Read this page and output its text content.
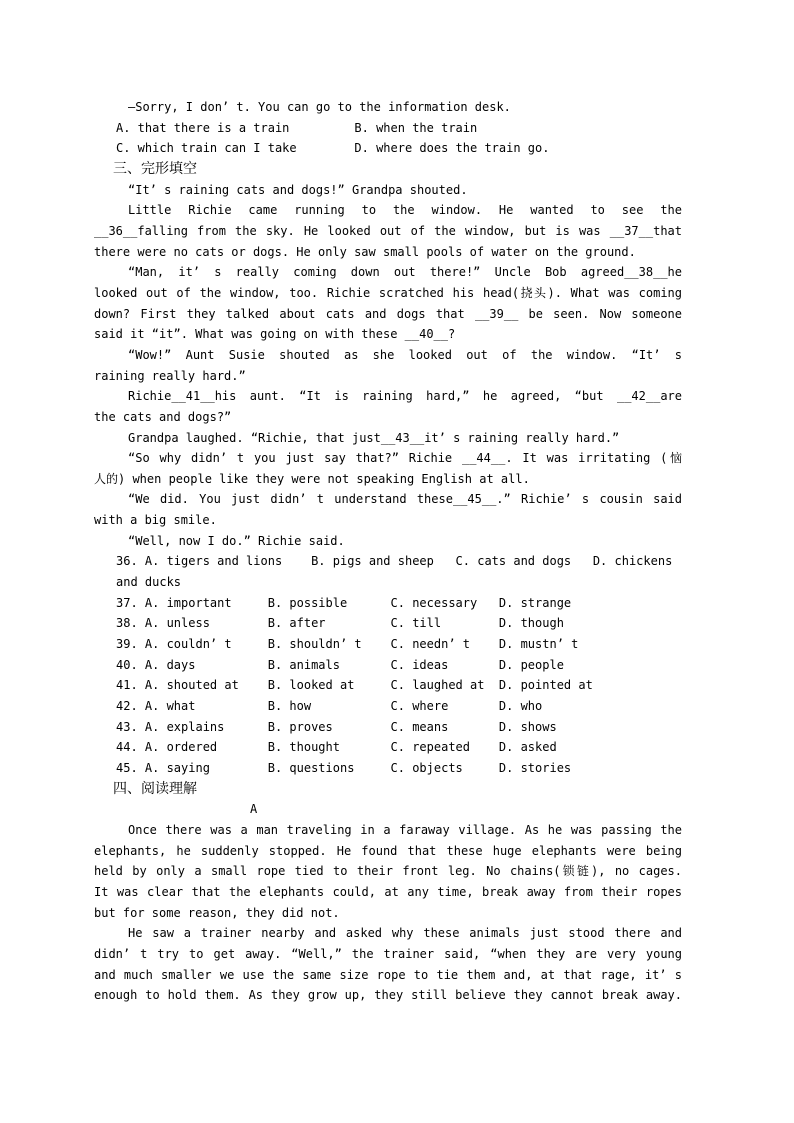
—Sorry, I don’ t. You can go to the information desk.
A. that there is a train         B. when the train
C. which train can I take        D. where does the train go.
三、完形填空
“It’ s raining cats and dogs!” Grandpa shouted.
Little Richie came running to the window. He wanted to see the
__36__falling from the sky. He looked out of the window, but is was __37__that
there were no cats or dogs. He only saw small pools of water on the ground.
“Man, it’ s really coming down out there!” Uncle Bob agreed__38__he
looked out of the window, too. Richie scratched his head(挠头). What was coming
down? First they talked about cats and dogs that __39__ be seen. Now someone
said it “it”. What was going on with these __40__?
“Wow!” Aunt Susie shouted as she looked out of the window. “It’ s
raining really hard.”
Richie__41__his aunt. “It is raining hard,” he agreed, “but __42__are
the cats and dogs?”
Grandpa laughed. “Richie, that just__43__it’ s raining really hard.”
“So why didn’ t you just say that?” Richie __44__. It was irritating (恼
人的) when people like they were not speaking English at all.
“We did. You just didn’ t understand these__45__.” Richie’ s cousin said
with a big smile.
“Well, now I do.” Richie said.
36. A. tigers and lions    B. pigs and sheep   C. cats and dogs   D. chickens
and ducks
37. A. important     B. possible      C. necessary   D. strange
38. A. unless        B. after         C. till        D. though
39. A. couldn’ t     B. shouldn’ t    C. needn’ t    D. mustn’ t
40. A. days          B. animals       C. ideas       D. people
41. A. shouted at    B. looked at     C. laughed at  D. pointed at
42. A. what          B. how           C. where       D. who
43. A. explains      B. proves        C. means       D. shows
44. A. ordered       B. thought       C. repeated    D. asked
45. A. saying        B. questions     C. objects     D. stories
四、阅读理解
A
Once there was a man traveling in a faraway village. As he was passing the
elephants, he suddenly stopped. He found that these huge elephants were being
held by only a small rope tied to their front leg. No chains(锁链), no cages.
It was clear that the elephants could, at any time, break away from their ropes
but for some reason, they did not.
He saw a trainer nearby and asked why these animals just stood there and
didn’ t try to get away. “Well,” the trainer said, “when they are very young
and much smaller we use the same size rope to tie them and, at that rage, it’ s
enough to hold them. As they grow up, they still believe they cannot break away.
